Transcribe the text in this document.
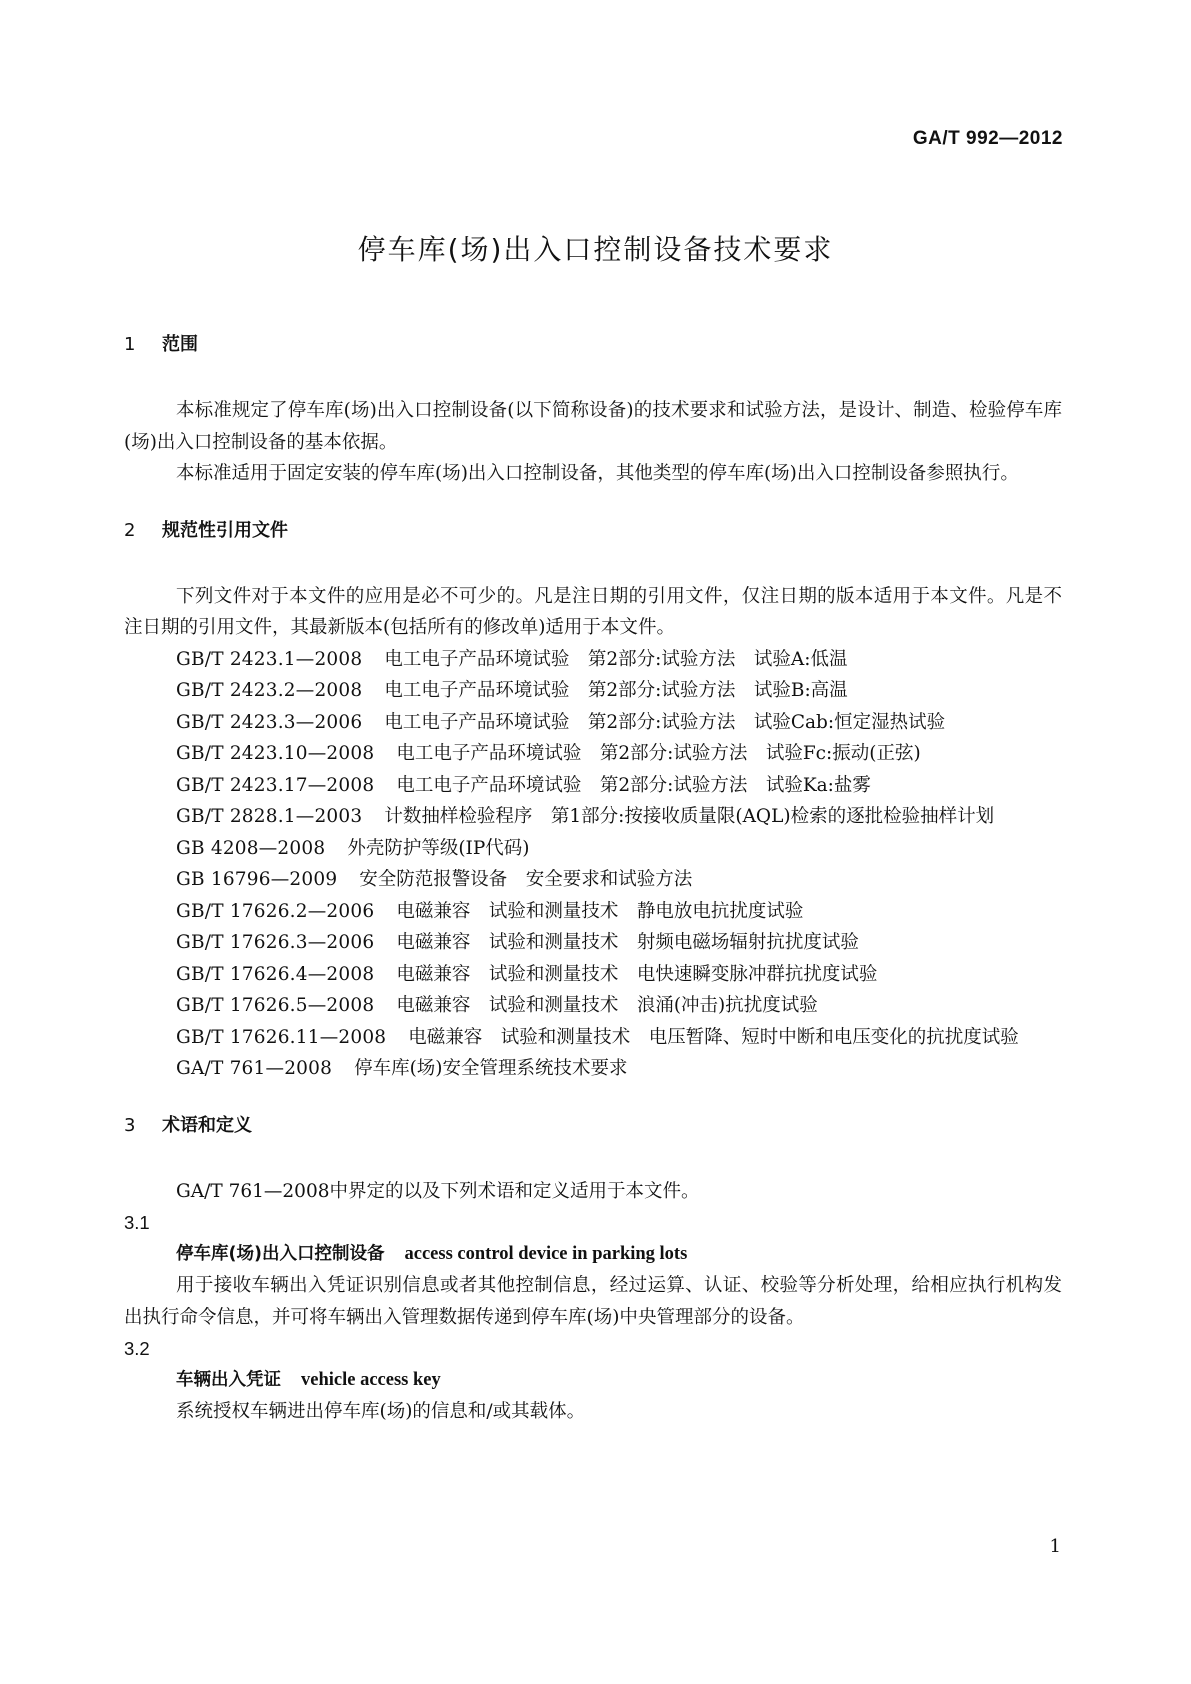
GA/T 992—2012
停车库(场)出入口控制设备技术要求

1 范围

本标准规定了停车库(场)出入口控制设备(以下简称设备)的技术要求和试验方法，是设计、制造、检验停车库(场)出入口控制设备的基本依据。

本标准适用于固定安装的停车库(场)出入口控制设备，其他类型的停车库(场)出入口控制设备参照执行。

2 规范性引用文件

下列文件对于本文件的应用是必不可少的。凡是注日期的引用文件，仅注日期的版本适用于本文件。凡是不注日期的引用文件，其最新版本(包括所有的修改单)适用于本文件。

GB/T 2423.1—2008 电工电子产品环境试验　第2部分:试验方法　试验A:低温

GB/T 2423.2—2008 电工电子产品环境试验　第2部分:试验方法　试验B:高温

GB/T 2423.3—2006 电工电子产品环境试验　第2部分:试验方法　试验Cab:恒定湿热试验

GB/T 2423.10—2008 电工电子产品环境试验　第2部分:试验方法　试验Fc:振动(正弦)

GB/T 2423.17—2008 电工电子产品环境试验　第2部分:试验方法　试验Ka:盐雾

GB/T 2828.1—2003 计数抽样检验程序　第1部分:按接收质量限(AQL)检索的逐批检验抽样计划

GB 4208—2008 外壳防护等级(IP代码)

GB 16796—2009 安全防范报警设备　安全要求和试验方法

GB/T 17626.2—2006 电磁兼容　试验和测量技术　静电放电抗扰度试验

GB/T 17626.3—2006 电磁兼容　试验和测量技术　射频电磁场辐射抗扰度试验

GB/T 17626.4—2008 电磁兼容　试验和测量技术　电快速瞬变脉冲群抗扰度试验

GB/T 17626.5—2008 电磁兼容　试验和测量技术　浪涌(冲击)抗扰度试验

GB/T 17626.11—2008 电磁兼容　试验和测量技术　电压暂降、短时中断和电压变化的抗扰度试验

GA/T 761—2008 停车库(场)安全管理系统技术要求

3 术语和定义

GA/T 761—2008中界定的以及下列术语和定义适用于本文件。

3.1

停车库(场)出入口控制设备 access control device in parking lots

用于接收车辆出入凭证识别信息或者其他控制信息，经过运算、认证、校验等分析处理，给相应执行机构发出执行命令信息，并可将车辆出入管理数据传递到停车库(场)中央管理部分的设备。

3.2

车辆出入凭证 vehicle access key

系统授权车辆进出停车库(场)的信息和/或其载体。

1
